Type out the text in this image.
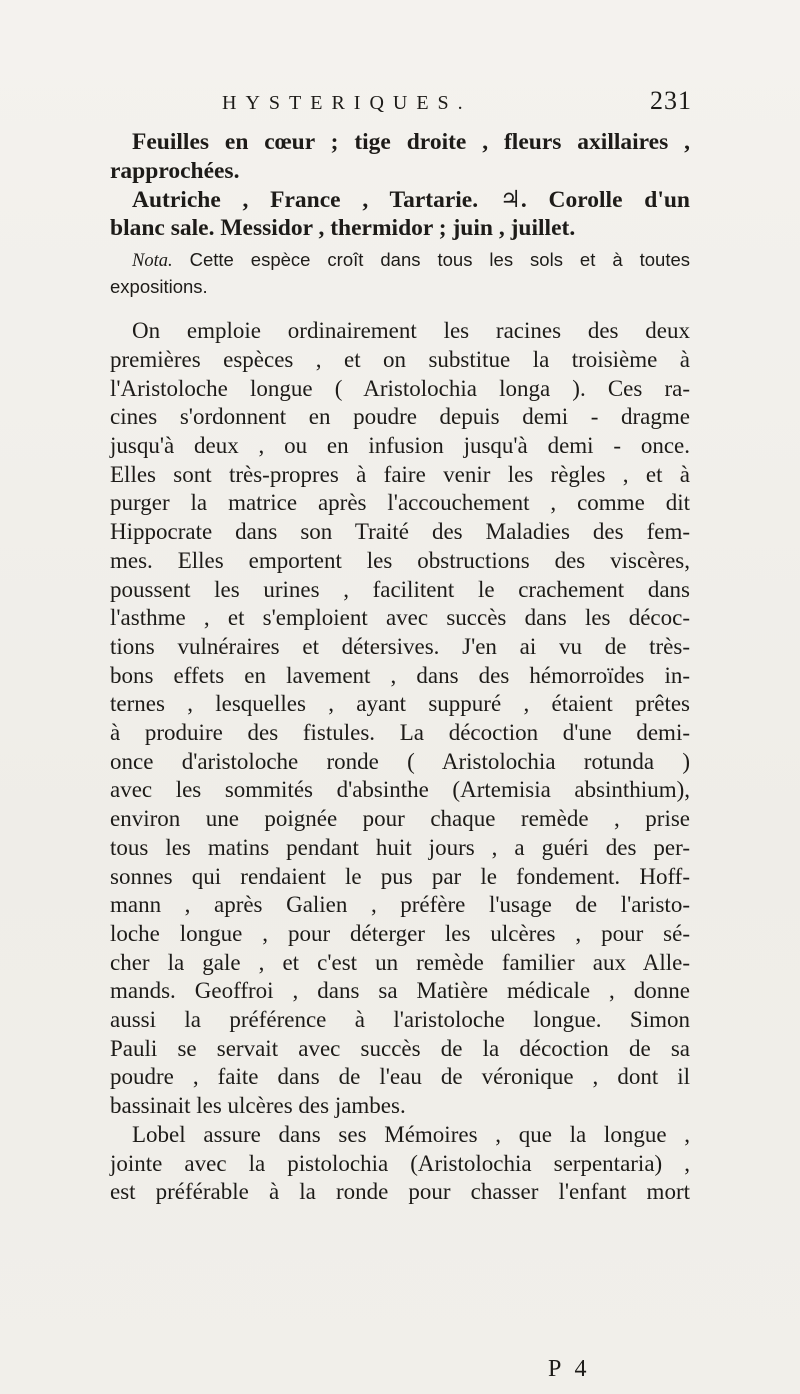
HYSTERIQUES.	231
Feuilles en cœur ; tige droite , fleurs axillaires ,
rapprochées.
Autriche , France , Tartarie. ♃. Corolle d'un
blanc sale. Messidor , thermidor ; juin , juillet.
Nota. Cette espèce croît dans tous les sols et à toutes
expositions.
On emploie ordinairement les racines des deux
premières espèces , et on substitue la troisième à
l'Aristoloche longue ( Aristolochia longa ). Ces ra-
cines s'ordonnent en poudre depuis demi - dragme
jusqu'à deux , ou en infusion jusqu'à demi - once.
Elles sont très-propres à faire venir les règles , et à
purger la matrice après l'accouchement , comme dit
Hippocrate dans son Traité des Maladies des fem-
mes. Elles emportent les obstructions des viscères,
poussent les urines , facilitent le crachement dans
l'asthme , et s'emploient avec succès dans les décoc-
tions vulnéraires et détersives. J'en ai vu de très-
bons effets en lavement , dans des hémorroïdes in-
ternes , lesquelles , ayant suppuré , étaient prêtes
à produire des fistules. La décoction d'une demi-
once d'aristoloche ronde ( Aristolochia rotunda )
avec les sommités d'absinthe (Artemisia absinthium),
environ une poignée pour chaque remède , prise
tous les matins pendant huit jours , a guéri des per-
sonnes qui rendaient le pus par le fondement. Hoff-
mann , après Galien , préfère l'usage de l'aristo-
loche longue , pour déterger les ulcères , pour sé-
cher la gale , et c'est un remède familier aux Alle-
mands. Geoffroi , dans sa Matière médicale , donne
aussi la préférence à l'aristoloche longue. Simon
Pauli se servait avec succès de la décoction de sa
poudre , faite dans de l'eau de véronique , dont il
bassinait les ulcères des jambes.
Lobel assure dans ses Mémoires , que la longue ,
jointe avec la pistolochia (Aristolochia serpentaria) ,
est préférable à la ronde pour chasser l'enfant mort
P 4
